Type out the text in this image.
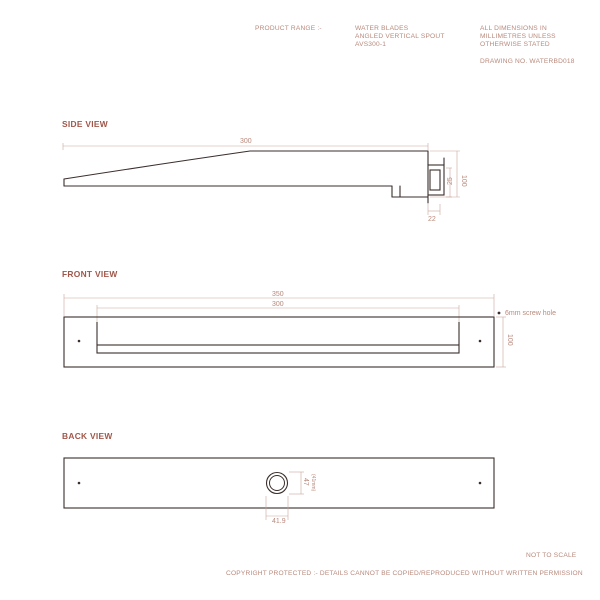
PRODUCT RANGE :-	WATER BLADES
ANGLED VERTICAL SPOUT
AVS300-1
ALL DIMENSIONS IN
MILLIMETRES UNLESS
OTHERWISE STATED
DRAWING NO. WATERBD018
SIDE VIEW
FRONT VIEW
BACK VIEW
300
100
25
22
350
300
6mm screw hole
100
47 (41mm)
41.9
NOT TO SCALE
COPYRIGHT PROTECTED :- DETAILS CANNOT BE COPIED/REPRODUCED WITHOUT WRITTEN PERMISSION
